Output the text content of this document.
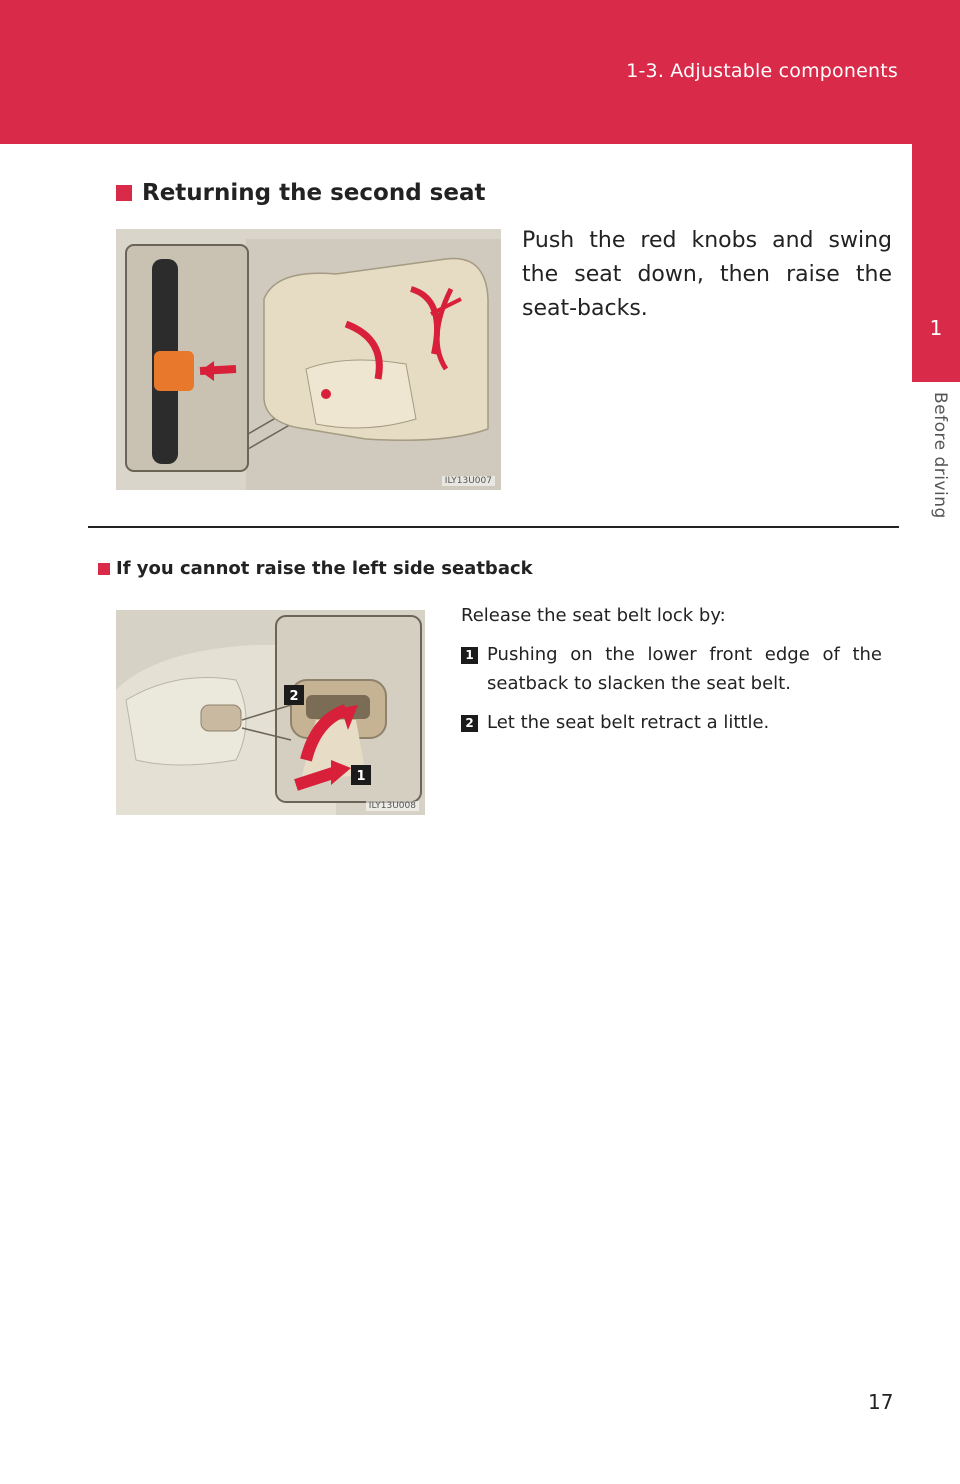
1-3. Adjustable components
1
Before driving
Returning the second seat
ILY13U007
Push the red knobs and swing the seat down, then raise the seat-backs.
If you cannot raise the left side seatback
2
1
ILY13U008
Release the seat belt lock by:
1 Pushing on the lower front edge of the seatback to slacken the seat belt.
2 Let the seat belt retract a little.
17
